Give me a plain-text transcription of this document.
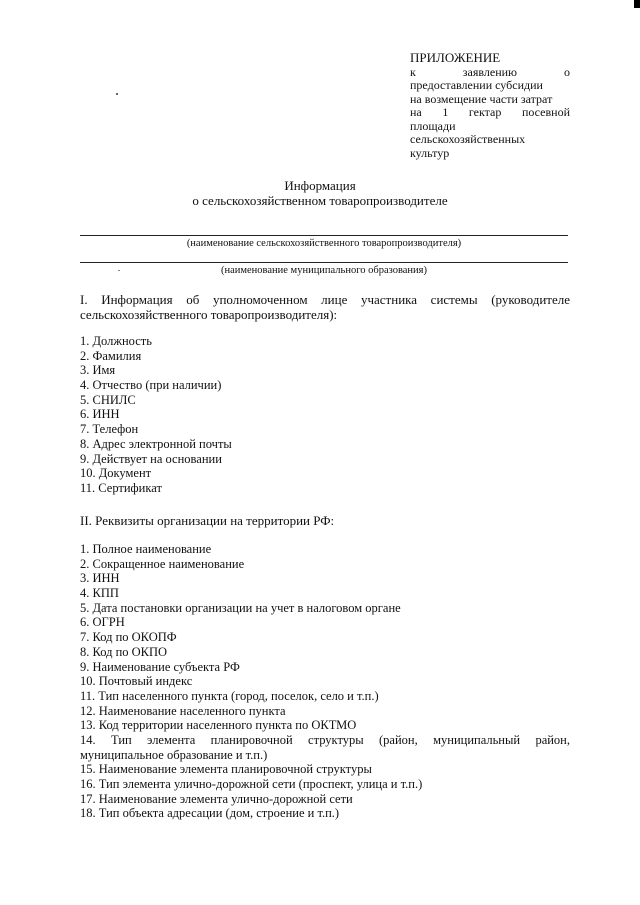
ПРИЛОЖЕНИЕ
к заявлению о
предоставлении субсидии
на возмещение части затрат
на 1 гектар посевной
площади
сельскохозяйственных
культур
Информация
о сельскохозяйственном товаропроизводителе
(наименование сельскохозяйственного товаропроизводителя)
(наименование муниципального образования)
I. Информация об уполномоченном лице участника системы (руководителе
сельскохозяйственного товаропроизводителя):
1. Должность
2. Фамилия
3. Имя
4. Отчество (при наличии)
5. СНИЛС
6. ИНН
7. Телефон
8. Адрес электронной почты
9. Действует на основании
10. Документ
11. Сертификат
II. Реквизиты организации на территории РФ:
1. Полное наименование
2. Сокращенное наименование
3. ИНН
4. КПП
5. Дата постановки организации на учет в налоговом органе
6. ОГРН
7. Код по ОКОПФ
8. Код по ОКПО
9. Наименование субъекта РФ
10. Почтовый индекс
11. Тип населенного пункта (город, поселок, село и т.п.)
12. Наименование населенного пункта
13. Код территории населенного пункта по ОКТМО
14. Тип элемента планировочной структуры (район, муниципальный район,
муниципальное образование и т.п.)
15. Наименование элемента планировочной структуры
16. Тип элемента улично-дорожной сети (проспект, улица и т.п.)
17. Наименование элемента улично-дорожной сети
18. Тип объекта адресации (дом, строение и т.п.)
